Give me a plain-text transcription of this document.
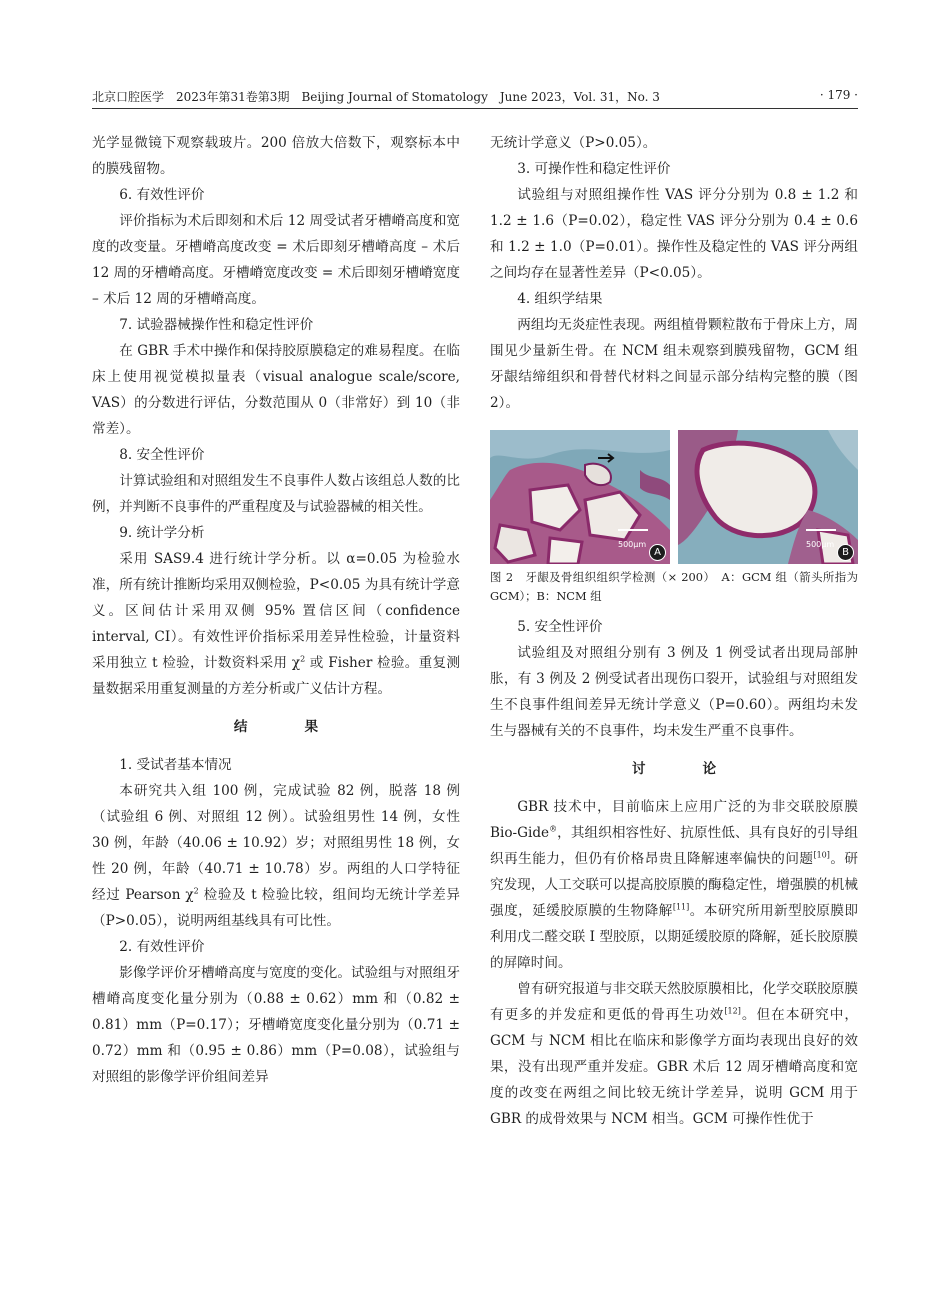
北京口腔医学　2023年第31卷第3期　Beijing Journal of Stomatology　June 2023，Vol. 31，No. 3	· 179 ·

光学显微镜下观察载玻片。200 倍放大倍数下，观察标本中的膜残留物。

6. 有效性评价

评价指标为术后即刻和术后 12 周受试者牙槽嵴高度和宽度的改变量。牙槽嵴高度改变 = 术后即刻牙槽嵴高度 – 术后 12 周的牙槽嵴高度。牙槽嵴宽度改变 = 术后即刻牙槽嵴宽度 – 术后 12 周的牙槽嵴高度。

7. 试验器械操作性和稳定性评价

在 GBR 手术中操作和保持胶原膜稳定的难易程度。在临床上使用视觉模拟量表（visual analogue scale/score, VAS）的分数进行评估，分数范围从 0（非常好）到 10（非常差）。

8. 安全性评价

计算试验组和对照组发生不良事件人数占该组总人数的比例，并判断不良事件的严重程度及与试验器械的相关性。

9. 统计学分析

采用 SAS9.4 进行统计学分析。以 α=0.05 为检验水准，所有统计推断均采用双侧检验，P<0.05 为具有统计学意义。区间估计采用双侧 95% 置信区间（confidence interval, CI）。有效性评价指标采用差异性检验，计量资料采用独立 t 检验，计数资料采用 $\chi^2$ 或 Fisher 检验。重复测量数据采用重复测量的方差分析或广义估计方程。

结　果

1. 受试者基本情况

本研究共入组 100 例，完成试验 82 例，脱落 18 例（试验组 6 例、对照组 12 例）。试验组男性 14 例，女性 30 例，年龄（40.06 ± 10.92）岁；对照组男性 18 例，女性 20 例，年龄（40.71 ± 10.78）岁。两组的人口学特征经过 Pearson $\chi^2$ 检验及 t 检验比较，组间均无统计学差异（P>0.05），说明两组基线具有可比性。

2. 有效性评价

影像学评价牙槽嵴高度与宽度的变化。试验组与对照组牙槽嵴高度变化量分别为（0.88 ± 0.62）mm 和（0.82 ± 0.81）mm（P=0.17）；牙槽嵴宽度变化量分别为（0.71 ± 0.72）mm 和（0.95 ± 0.86）mm（P=0.08），试验组与对照组的影像学评价组间差异

无统计学意义（P>0.05）。

3. 可操作性和稳定性评价

试验组与对照组操作性 VAS 评分分别为 0.8 ± 1.2 和 1.2 ± 1.6（P=0.02），稳定性 VAS 评分分别为 0.4 ± 0.6 和 1.2 ± 1.0（P=0.01）。操作性及稳定性的 VAS 评分两组之间均存在显著性差异（P<0.05）。

4. 组织学结果

两组均无炎症性表现。两组植骨颗粒散布于骨床上方，周围见少量新生骨。在 NCM 组未观察到膜残留物，GCM 组牙龈结缔组织和骨替代材料之间显示部分结构完整的膜（图 2）。

500μm
A
500μm
B

图 2　牙龈及骨组织组织学检测（× 200）　A：GCM 组（箭头所指为 GCM）；B：NCM 组

5. 安全性评价

试验组及对照组分别有 3 例及 1 例受试者出现局部肿胀，有 3 例及 2 例受试者出现伤口裂开，试验组与对照组发生不良事件组间差异无统计学意义（P=0.60）。两组均未发生与器械有关的不良事件，均未发生严重不良事件。

讨　论

GBR 技术中，目前临床上应用广泛的为非交联胶原膜 Bio-Gide®，其组织相容性好、抗原性低、具有良好的引导组织再生能力，但仍有价格昂贵且降解速率偏快的问题[10]。研究发现，人工交联可以提高胶原膜的酶稳定性，增强膜的机械强度，延缓胶原膜的生物降解[11]。本研究所用新型胶原膜即利用戊二醛交联 I 型胶原，以期延缓胶原的降解，延长胶原膜的屏障时间。

曾有研究报道与非交联天然胶原膜相比，化学交联胶原膜有更多的并发症和更低的骨再生功效[12]。但在本研究中，GCM 与 NCM 相比在临床和影像学方面均表现出良好的效果，没有出现严重并发症。GBR 术后 12 周牙槽嵴高度和宽度的改变在两组之间比较无统计学差异，说明 GCM 用于 GBR 的成骨效果与 NCM 相当。GCM 可操作性优于
